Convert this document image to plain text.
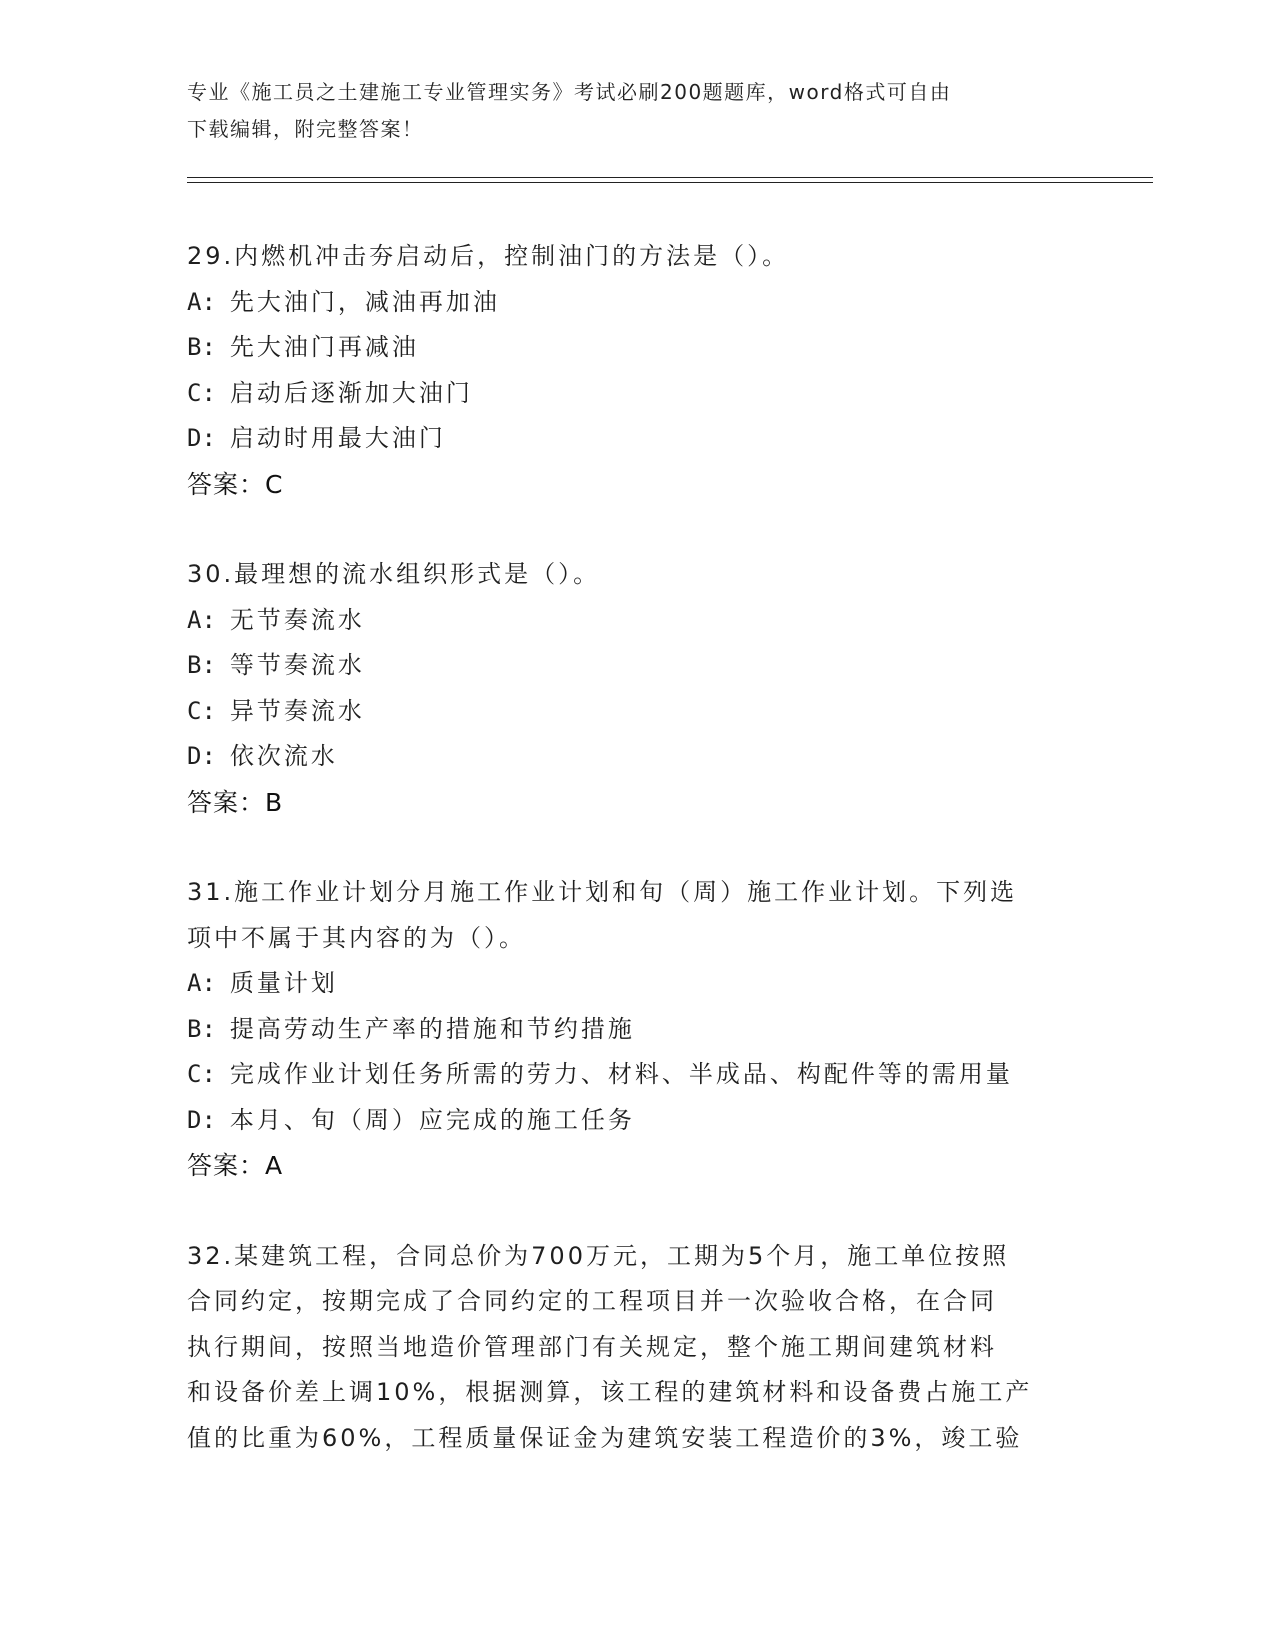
专业《施工员之土建施工专业管理实务》考试必刷200题题库，word格式可自由
下载编辑，附完整答案！
29.内燃机冲击夯启动后，控制油门的方法是（）。
A: 先大油门，减油再加油
B: 先大油门再减油
C: 启动后逐渐加大油门
D: 启动时用最大油门
答案：C
30.最理想的流水组织形式是（）。
A: 无节奏流水
B: 等节奏流水
C: 异节奏流水
D: 依次流水
答案：B
31.施工作业计划分月施工作业计划和旬（周）施工作业计划。下列选
项中不属于其内容的为（）。
A: 质量计划
B: 提高劳动生产率的措施和节约措施
C: 完成作业计划任务所需的劳力、材料、半成品、构配件等的需用量
D: 本月、旬（周）应完成的施工任务
答案：A
32.某建筑工程，合同总价为700万元，工期为5个月，施工单位按照
合同约定，按期完成了合同约定的工程项目并一次验收合格，在合同
执行期间，按照当地造价管理部门有关规定，整个施工期间建筑材料
和设备价差上调10%，根据测算，该工程的建筑材料和设备费占施工产
值的比重为60%，工程质量保证金为建筑安装工程造价的3%，竣工验
